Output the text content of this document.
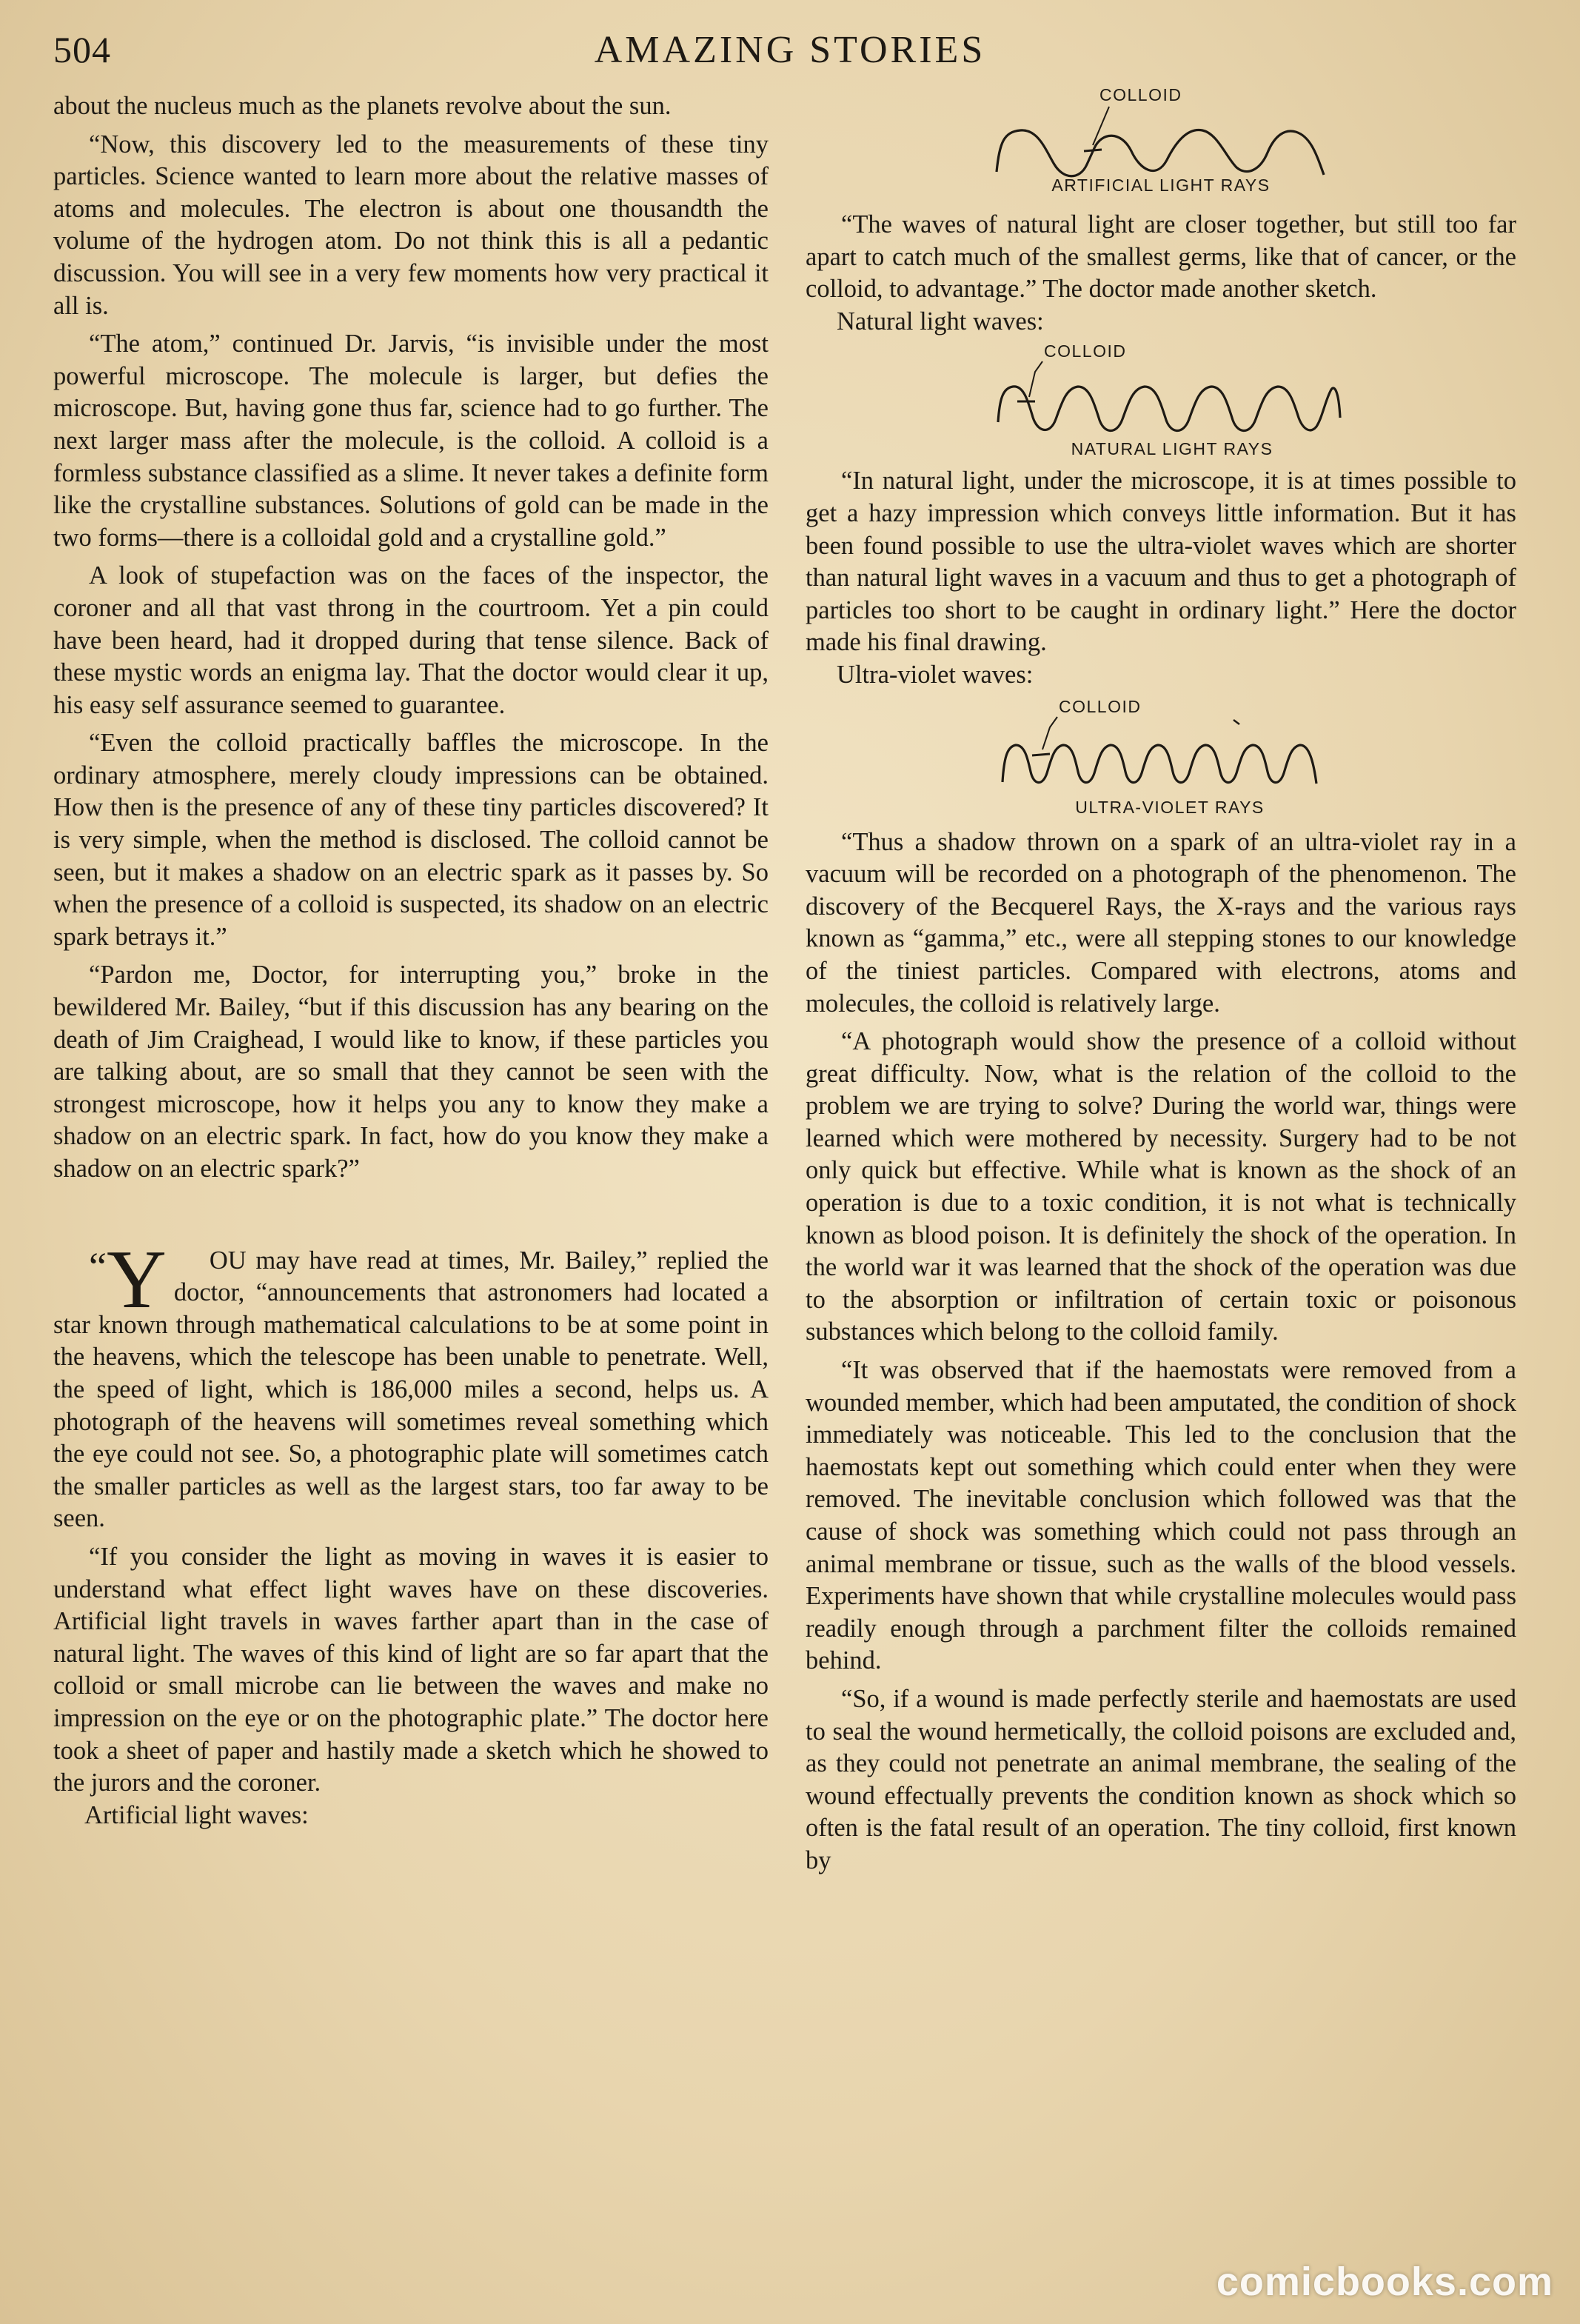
504	AMAZING STORIES

about the nucleus much as the planets revolve about the sun.

“Now, this discovery led to the measurements of these tiny particles. Science wanted to learn more about the relative masses of atoms and molecules. The electron is about one thousandth the volume of the hydrogen atom. Do not think this is all a pedantic discussion. You will see in a very few moments how very practical it all is.

“The atom,” continued Dr. Jarvis, “is invisible under the most powerful microscope. The molecule is larger, but defies the microscope. But, having gone thus far, science had to go further. The next larger mass after the molecule, is the colloid. A colloid is a formless substance classified as a slime. It never takes a definite form like the crystalline substances. Solutions of gold can be made in the two forms—there is a colloidal gold and a crystalline gold.”

A look of stupefaction was on the faces of the inspector, the coroner and all that vast throng in the courtroom. Yet a pin could have been heard, had it dropped during that tense silence. Back of these mystic words an enigma lay. That the doctor would clear it up, his easy self assurance seemed to guarantee.

“Even the colloid practically baffles the microscope. In the ordinary atmosphere, merely cloudy impressions can be obtained. How then is the presence of any of these tiny particles discovered? It is very simple, when the method is disclosed. The colloid cannot be seen, but it makes a shadow on an electric spark as it passes by. So when the presence of a colloid is suspected, its shadow on an electric spark betrays it.”

“Pardon me, Doctor, for interrupting you,” broke in the bewildered Mr. Bailey, “but if this discussion has any bearing on the death of Jim Craighead, I would like to know, if these particles you are talking about, are so small that they cannot be seen with the strongest microscope, how it helps you any to know they make a shadow on an electric spark. In fact, how do you know they make a shadow on an electric spark?”

“Y OU may have read at times, Mr. Bailey,” replied the doctor, “announcements that astronomers had located a star known through mathematical calculations to be at some point in the heavens, which the telescope has been unable to penetrate. Well, the speed of light, which is 186,000 miles a second, helps us. A photograph of the heavens will sometimes reveal something which the eye could not see. So, a photographic plate will sometimes catch the smaller particles as well as the largest stars, too far away to be seen.

“If you consider the light as moving in waves it is easier to understand what effect light waves have on these discoveries. Artificial light travels in waves farther apart than in the case of natural light. The waves of this kind of light are so far apart that the colloid or small microbe can lie between the waves and make no impression on the eye or on the photographic plate.” The doctor here took a sheet of paper and hastily made a sketch which he showed to the jurors and the coroner.

Artificial light waves:

COLLOID
ARTIFICIAL LIGHT RAYS

“The waves of natural light are closer together, but still too far apart to catch much of the smallest germs, like that of cancer, or the colloid, to advantage.” The doctor made another sketch.

Natural light waves:

COLLOID
NATURAL LIGHT RAYS

“In natural light, under the microscope, it is at times possible to get a hazy impression which conveys little information. But it has been found possible to use the ultra-violet waves which are shorter than natural light waves in a vacuum and thus to get a photograph of particles too short to be caught in ordinary light.” Here the doctor made his final drawing.

Ultra-violet waves:

COLLOID
ULTRA-VIOLET RAYS

“Thus a shadow thrown on a spark of an ultra-violet ray in a vacuum will be recorded on a photograph of the phenomenon. The discovery of the Becquerel Rays, the X-rays and the various rays known as “gamma,” etc., were all stepping stones to our knowledge of the tiniest particles. Compared with electrons, atoms and molecules, the colloid is relatively large.

“A photograph would show the presence of a colloid without great difficulty. Now, what is the relation of the colloid to the problem we are trying to solve? During the world war, things were learned which were mothered by necessity. Surgery had to be not only quick but effective. While what is known as the shock of an operation is due to a toxic condition, it is not what is technically known as blood poison. It is definitely the shock of the operation. In the world war it was learned that the shock of the operation was due to the absorption or infiltration of certain toxic or poisonous substances which belong to the colloid family.

“It was observed that if the haemostats were removed from a wounded member, which had been amputated, the condition of shock immediately was noticeable. This led to the conclusion that the haemostats kept out something which could enter when they were removed. The inevitable conclusion which followed was that the cause of shock was something which could not pass through an animal membrane or tissue, such as the walls of the blood vessels. Experiments have shown that while crystalline molecules would pass readily enough through a parchment filter the colloids remained behind.

“So, if a wound is made perfectly sterile and haemostats are used to seal the wound hermetically, the colloid poisons are excluded and, as they could not penetrate an animal membrane, the sealing of the wound effectually prevents the condition known as shock which so often is the fatal result of an operation. The tiny colloid, first known by

comicbooks.com
